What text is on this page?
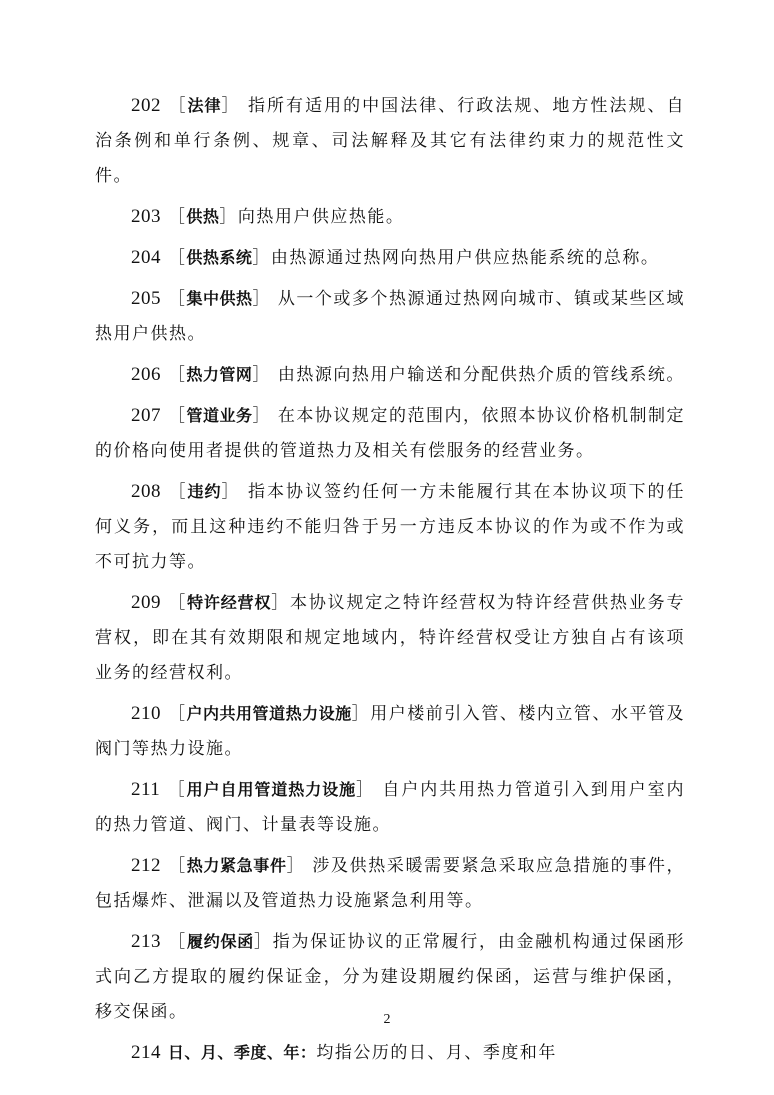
202 ［法律］ 指所有适用的中国法律、行政法规、地方性法规、自治条例和单行条例、规章、司法解释及其它有法律约束力的规范性文件。

203 ［供热］向热用户供应热能。

204 ［供热系统］由热源通过热网向热用户供应热能系统的总称。

205 ［集中供热］ 从一个或多个热源通过热网向城市、镇或某些区域热用户供热。

206 ［热力管网］ 由热源向热用户输送和分配供热介质的管线系统。

207 ［管道业务］ 在本协议规定的范围内，依照本协议价格机制制定的价格向使用者提供的管道热力及相关有偿服务的经营业务。

208 ［违约］ 指本协议签约任何一方未能履行其在本协议项下的任何义务，而且这种违约不能归咎于另一方违反本协议的作为或不作为或不可抗力等。

209 ［特许经营权］本协议规定之特许经营权为特许经营供热业务专营权，即在其有效期限和规定地域内，特许经营权受让方独自占有该项业务的经营权利。

210 ［户内共用管道热力设施］用户楼前引入管、楼内立管、水平管及阀门等热力设施。

211 ［用户自用管道热力设施］ 自户内共用热力管道引入到用户室内的热力管道、阀门、计量表等设施。

212 ［热力紧急事件］ 涉及供热采暖需要紧急采取应急措施的事件，包括爆炸、泄漏以及管道热力设施紧急利用等。

213 ［履约保函］指为保证协议的正常履行，由金融机构通过保函形式向乙方提取的履约保证金，分为建设期履约保函，运营与维护保函，移交保函。

214 日、月、季度、年：均指公历的日、月、季度和年

2
